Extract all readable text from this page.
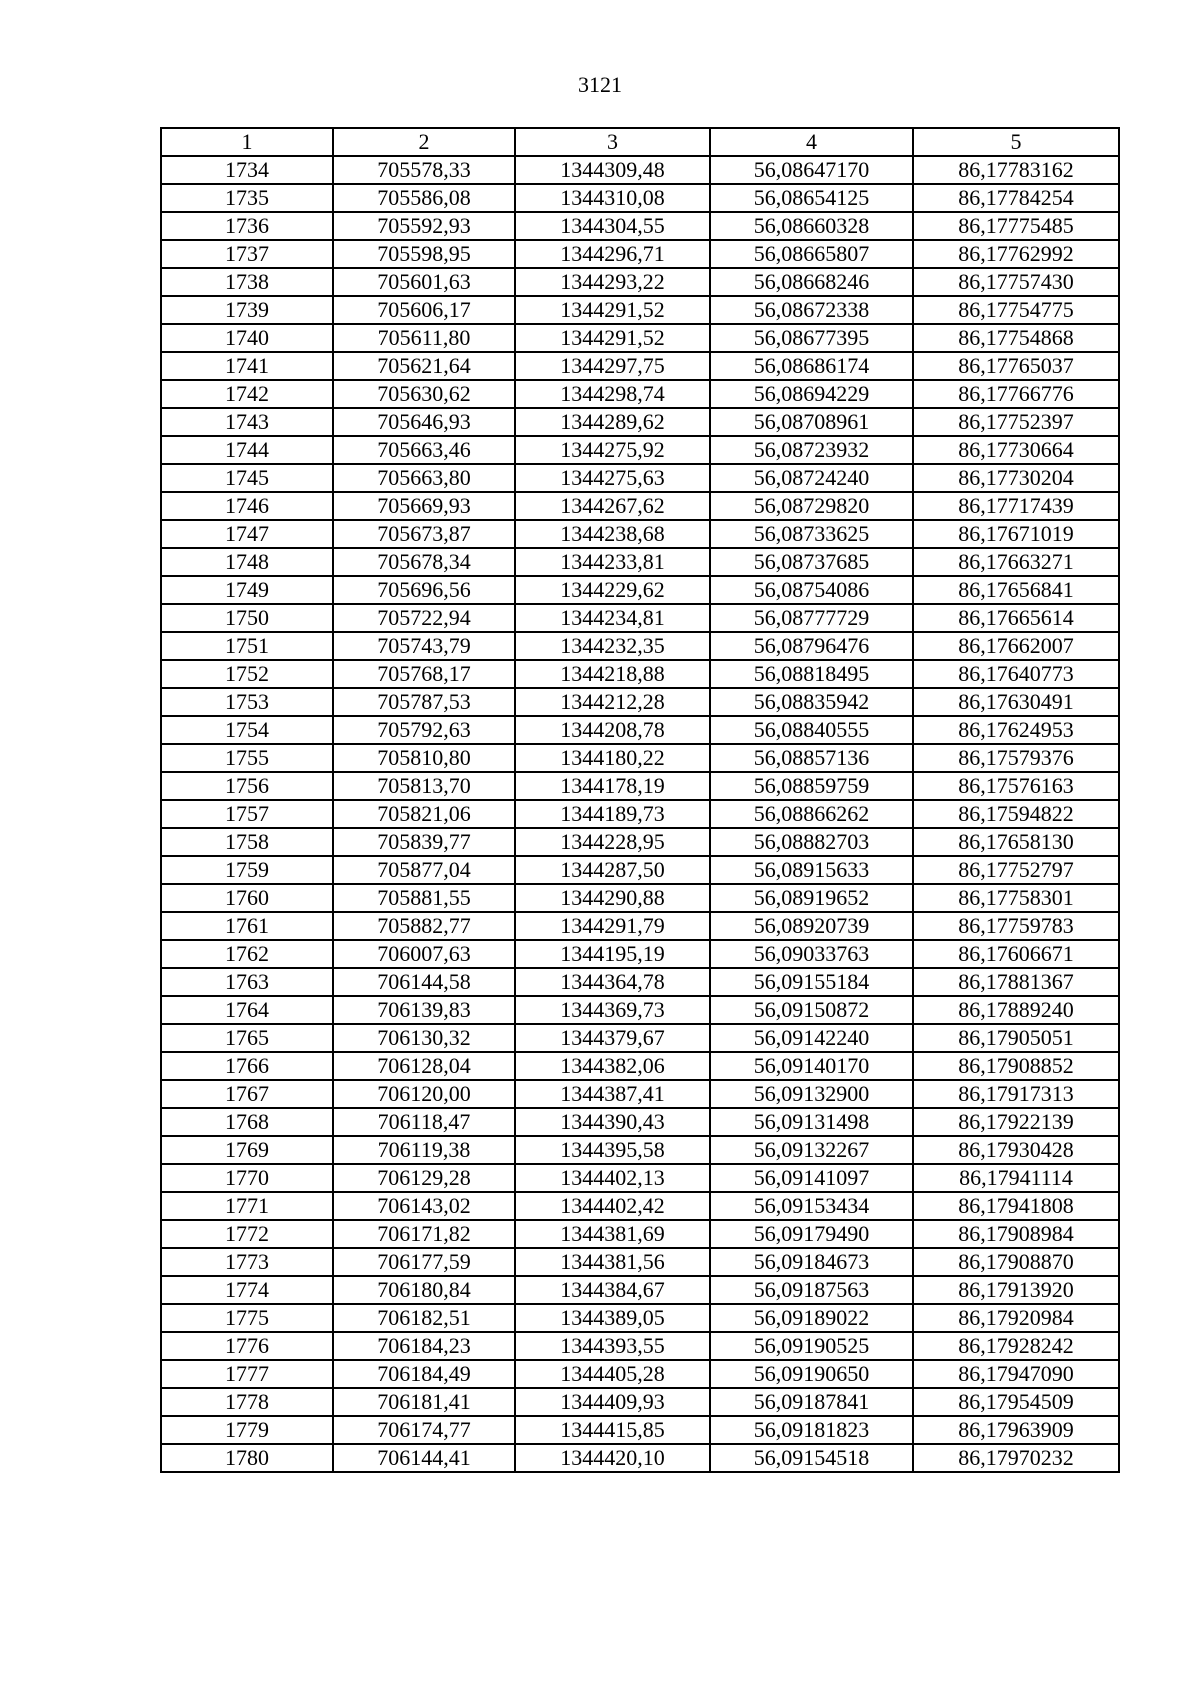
3121
1	2	3	4	5
1734	705578,33	1344309,48	56,08647170	86,17783162
1735	705586,08	1344310,08	56,08654125	86,17784254
1736	705592,93	1344304,55	56,08660328	86,17775485
1737	705598,95	1344296,71	56,08665807	86,17762992
1738	705601,63	1344293,22	56,08668246	86,17757430
1739	705606,17	1344291,52	56,08672338	86,17754775
1740	705611,80	1344291,52	56,08677395	86,17754868
1741	705621,64	1344297,75	56,08686174	86,17765037
1742	705630,62	1344298,74	56,08694229	86,17766776
1743	705646,93	1344289,62	56,08708961	86,17752397
1744	705663,46	1344275,92	56,08723932	86,17730664
1745	705663,80	1344275,63	56,08724240	86,17730204
1746	705669,93	1344267,62	56,08729820	86,17717439
1747	705673,87	1344238,68	56,08733625	86,17671019
1748	705678,34	1344233,81	56,08737685	86,17663271
1749	705696,56	1344229,62	56,08754086	86,17656841
1750	705722,94	1344234,81	56,08777729	86,17665614
1751	705743,79	1344232,35	56,08796476	86,17662007
1752	705768,17	1344218,88	56,08818495	86,17640773
1753	705787,53	1344212,28	56,08835942	86,17630491
1754	705792,63	1344208,78	56,08840555	86,17624953
1755	705810,80	1344180,22	56,08857136	86,17579376
1756	705813,70	1344178,19	56,08859759	86,17576163
1757	705821,06	1344189,73	56,08866262	86,17594822
1758	705839,77	1344228,95	56,08882703	86,17658130
1759	705877,04	1344287,50	56,08915633	86,17752797
1760	705881,55	1344290,88	56,08919652	86,17758301
1761	705882,77	1344291,79	56,08920739	86,17759783
1762	706007,63	1344195,19	56,09033763	86,17606671
1763	706144,58	1344364,78	56,09155184	86,17881367
1764	706139,83	1344369,73	56,09150872	86,17889240
1765	706130,32	1344379,67	56,09142240	86,17905051
1766	706128,04	1344382,06	56,09140170	86,17908852
1767	706120,00	1344387,41	56,09132900	86,17917313
1768	706118,47	1344390,43	56,09131498	86,17922139
1769	706119,38	1344395,58	56,09132267	86,17930428
1770	706129,28	1344402,13	56,09141097	86,17941114
1771	706143,02	1344402,42	56,09153434	86,17941808
1772	706171,82	1344381,69	56,09179490	86,17908984
1773	706177,59	1344381,56	56,09184673	86,17908870
1774	706180,84	1344384,67	56,09187563	86,17913920
1775	706182,51	1344389,05	56,09189022	86,17920984
1776	706184,23	1344393,55	56,09190525	86,17928242
1777	706184,49	1344405,28	56,09190650	86,17947090
1778	706181,41	1344409,93	56,09187841	86,17954509
1779	706174,77	1344415,85	56,09181823	86,17963909
1780	706144,41	1344420,10	56,09154518	86,17970232
